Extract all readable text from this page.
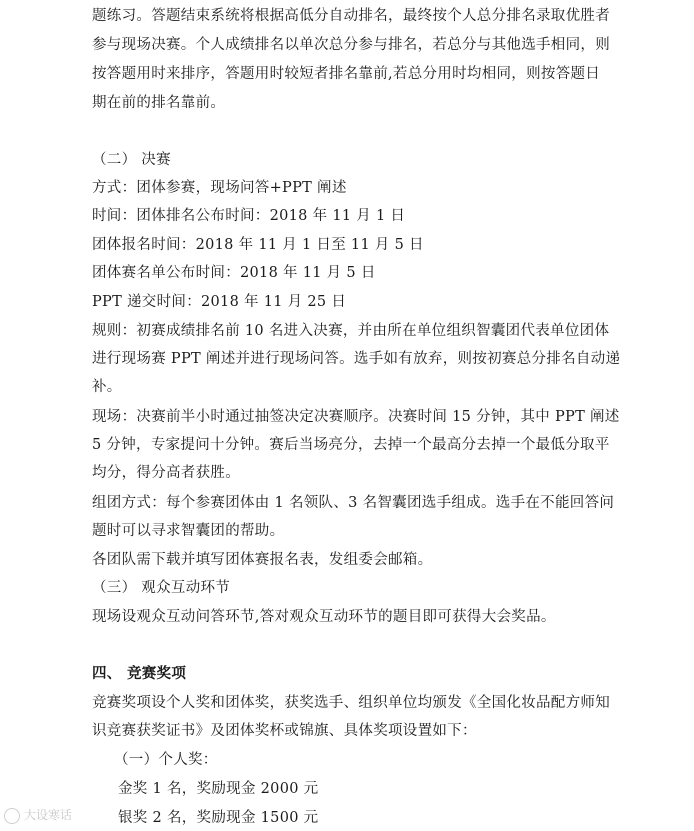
题练习。答题结束系统将根据高低分自动排名，最终按个人总分排名录取优胜者
参与现场决赛。个人成绩排名以单次总分参与排名，若总分与其他选手相同，则
按答题用时来排序，答题用时较短者排名靠前,若总分用时均相同，则按答题日
期在前的排名靠前。
（二） 决赛
方式：团体参赛，现场问答+PPT 阐述
时间：团体排名公布时间：2018 年 11 月 1 日
团体报名时间：2018 年 11 月 1 日至 11 月 5 日
团体赛名单公布时间：2018 年 11 月 5 日
PPT 递交时间：2018 年 11 月 25 日
规则：初赛成绩排名前 10 名进入决赛，并由所在单位组织智囊团代表单位团体
进行现场赛 PPT 阐述并进行现场问答。选手如有放弃，则按初赛总分排名自动递
补。
现场：决赛前半小时通过抽签决定决赛顺序。决赛时间 15 分钟，其中 PPT 阐述
5 分钟，专家提问十分钟。赛后当场亮分，去掉一个最高分去掉一个最低分取平
均分，得分高者获胜。
组团方式：每个参赛团体由 1 名领队、3 名智囊团选手组成。选手在不能回答问
题时可以寻求智囊团的帮助。
各团队需下载并填写团体赛报名表，发组委会邮箱。
（三） 观众互动环节
现场设观众互动问答环节,答对观众互动环节的题目即可获得大会奖品。
四、 竞赛奖项
竞赛奖项设个人奖和团体奖，获奖选手、组织单位均颁发《全国化妆品配方师知
识竞赛获奖证书》及团体奖杯或锦旗、具体奖项设置如下：
（一）个人奖：
金奖 1 名，奖励现金 2000 元
银奖 2 名，奖励现金 1500 元
大设寒话
